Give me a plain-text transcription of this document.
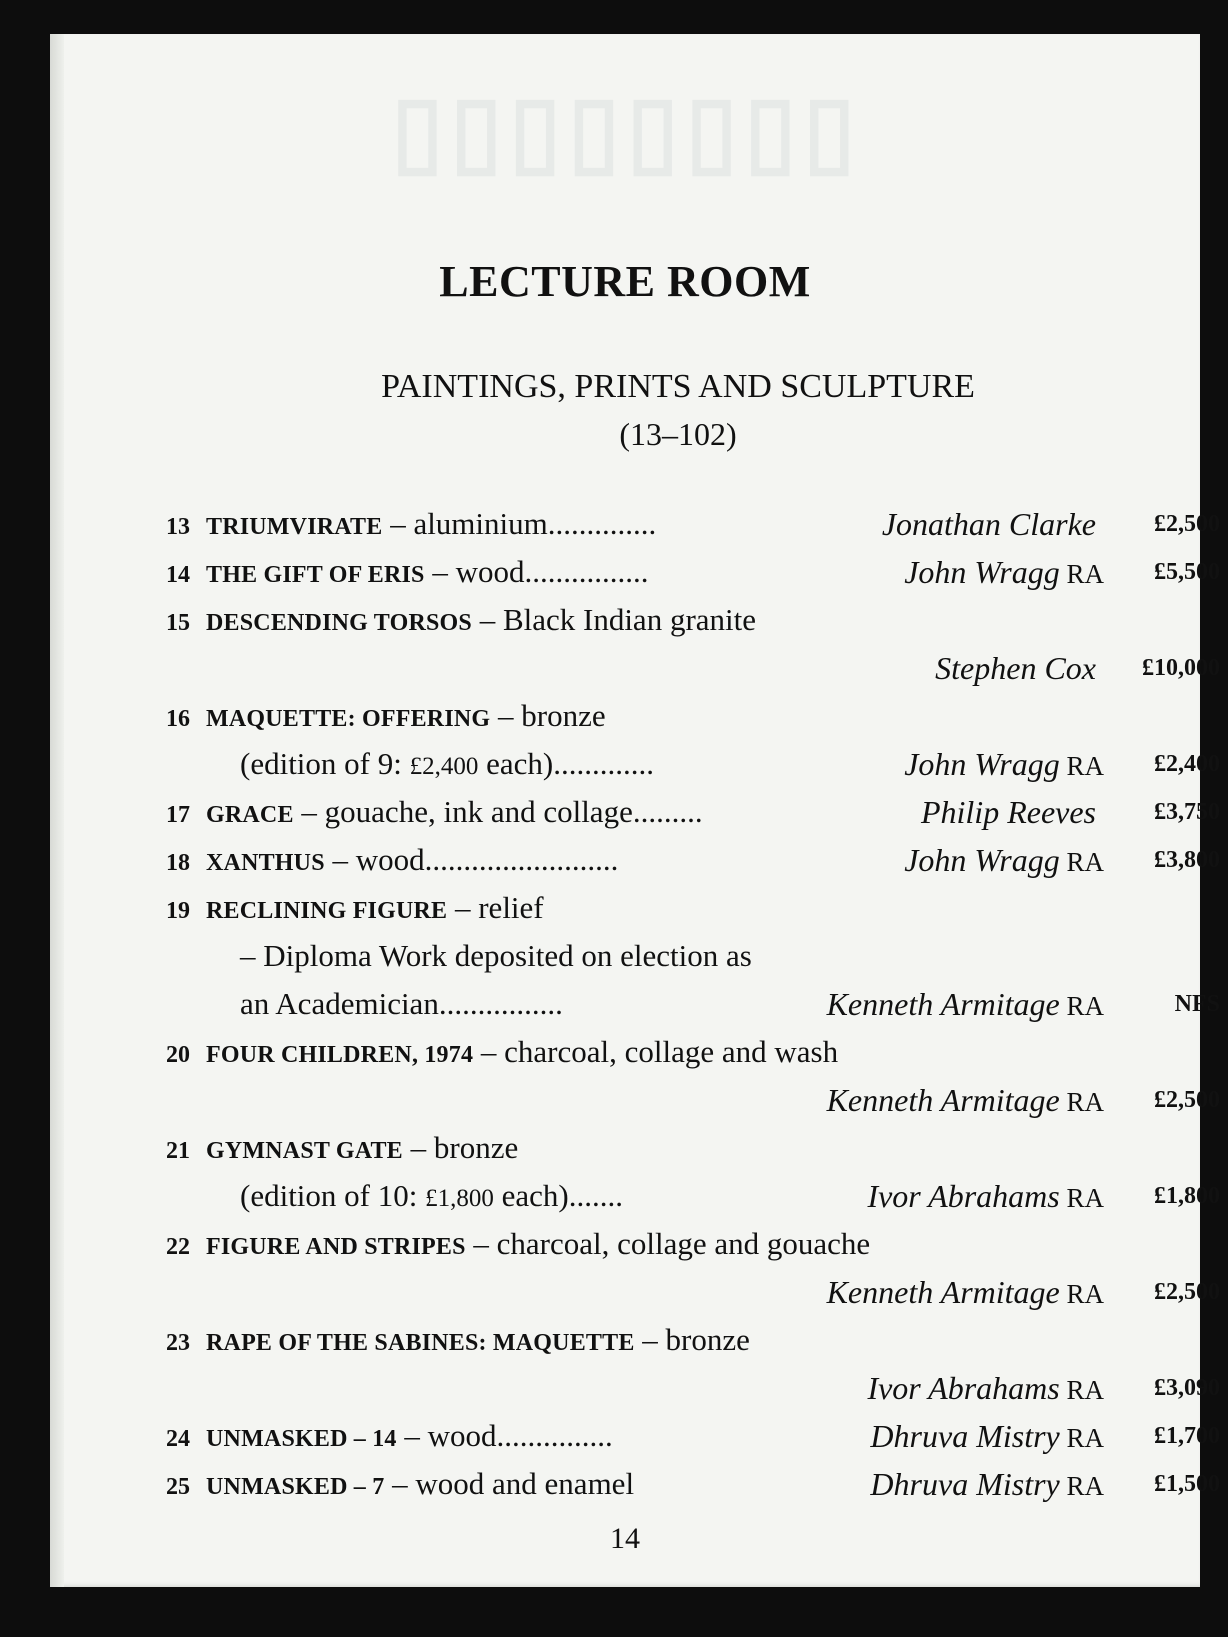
▯▯▯▯▯▯▯▯
LECTURE ROOM
PAINTINGS, PRINTS AND SCULPTURE
(13–102)
13 TRIUMVIRATE – aluminium..............	Jonathan Clarke £2,500
14 THE GIFT OF ERIS – wood................	John Wragg RA £5,500
15 DESCENDING TORSOS – Black Indian granite
Stephen Cox £10,000
16 MAQUETTE: OFFERING – bronze
(edition of 9: £2,400 each).............	John Wragg RA £2,400
17 GRACE – gouache, ink and collage.........	Philip Reeves £3,750
18 XANTHUS – wood.........................	John Wragg RA £3,800
19 RECLINING FIGURE – relief
– Diploma Work deposited on election as
an Academician................	Kenneth Armitage RA	NFS
20 FOUR CHILDREN, 1974 – charcoal, collage and wash
Kenneth Armitage RA £2,500
21 GYMNAST GATE – bronze
(edition of 10: £1,800 each).......	Ivor Abrahams RA £1,800
22 FIGURE AND STRIPES – charcoal, collage and gouache
Kenneth Armitage RA £2,500
23 RAPE OF THE SABINES: MAQUETTE – bronze
Ivor Abrahams RA £3,090
24 UNMASKED – 14 – wood...............	Dhruva Mistry RA £1,700
25 UNMASKED – 7 – wood and enamel	Dhruva Mistry RA £1,500
14
